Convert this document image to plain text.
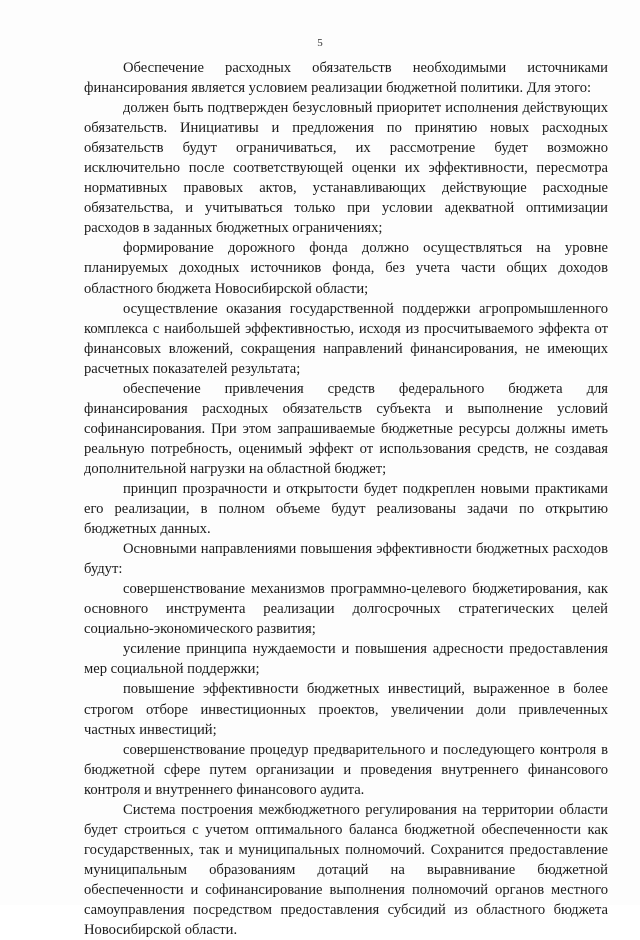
5

Обеспечение расходных обязательств необходимыми источниками финансирования является условием реализации бюджетной политики. Для этого:

должен быть подтвержден безусловный приоритет исполнения действующих обязательств. Инициативы и предложения по принятию новых расходных обязательств будут ограничиваться, их рассмотрение будет возможно исключительно после соответствующей оценки их эффективности, пересмотра нормативных правовых актов, устанавливающих действующие расходные обязательства, и учитываться только при условии адекватной оптимизации расходов в заданных бюджетных ограничениях;

формирование дорожного фонда должно осуществляться на уровне планируемых доходных источников фонда, без учета части общих доходов областного бюджета Новосибирской области;

осуществление оказания государственной поддержки агропромышленного комплекса с наибольшей эффективностью, исходя из просчитываемого эффекта от финансовых вложений, сокращения направлений финансирования, не имеющих расчетных показателей результата;

обеспечение привлечения средств федерального бюджета для финансирования расходных обязательств субъекта и выполнение условий софинансирования. При этом запрашиваемые бюджетные ресурсы должны иметь реальную потребность, оценимый эффект от использования средств, не создавая дополнительной нагрузки на областной бюджет;

принцип прозрачности и открытости будет подкреплен новыми практиками его реализации, в полном объеме будут реализованы задачи по открытию бюджетных данных.

Основными направлениями повышения эффективности бюджетных расходов будут:

совершенствование механизмов программно-целевого бюджетирования, как основного инструмента реализации долгосрочных стратегических целей социально-экономического развития;

усиление принципа нуждаемости и повышения адресности предоставления мер социальной поддержки;

повышение эффективности бюджетных инвестиций, выраженное в более строгом отборе инвестиционных проектов, увеличении доли привлеченных частных инвестиций;

совершенствование процедур предварительного и последующего контроля в бюджетной сфере путем организации и проведения внутреннего финансового контроля и внутреннего финансового аудита.

Система построения межбюджетного регулирования на территории области будет строиться с учетом оптимального баланса бюджетной обеспеченности как государственных, так и муниципальных полномочий. Сохранится предоставление муниципальным образованиям дотаций на выравнивание бюджетной обеспеченности и софинансирование выполнения полномочий органов местного самоуправления посредством предоставления субсидий из областного бюджета Новосибирской области.
